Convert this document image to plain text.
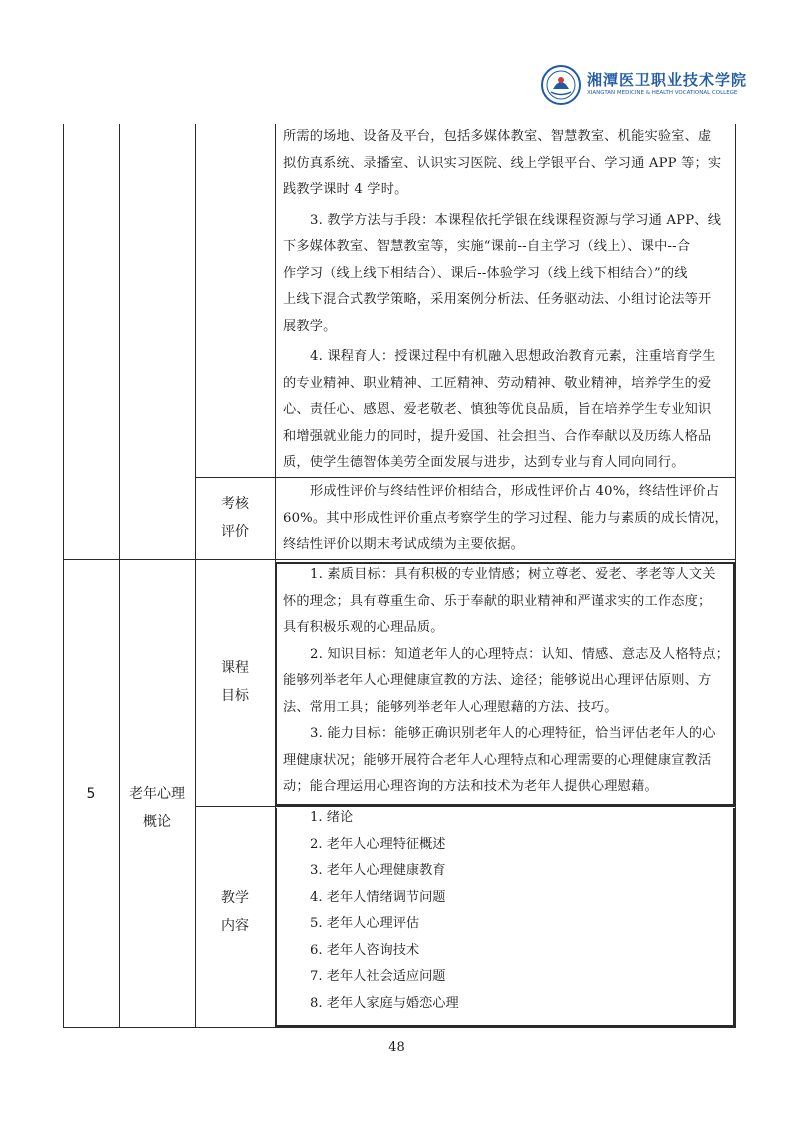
湘潭医卫职业技术学院
XIANGTAN MEDICINE & HEALTH VOCATIONAL COLLEGE

所需的场地、设备及平台，包括多媒体教室、智慧教室、机能实验室、虚

拟仿真系统、录播室、认识实习医院、线上学银平台、学习通 APP 等；实

践教学课时 4 学时。

3. 教学方法与手段：本课程依托学银在线课程资源与学习通 APP、线

下多媒体教室、智慧教室等，实施“课前--自主学习（线上）、课中--合

作学习（线上线下相结合）、课后--体验学习（线上线下相结合）”的线

上线下混合式教学策略，采用案例分析法、任务驱动法、小组讨论法等开

展教学。

4. 课程育人：授课过程中有机融入思想政治教育元素，注重培育学生

的专业精神、职业精神、工匠精神、劳动精神、敬业精神，培养学生的爱

心、责任心、感恩、爱老敬老、慎独等优良品质，旨在培养学生专业知识

和增强就业能力的同时，提升爱国、社会担当、合作奉献以及历练人格品

质，使学生德智体美劳全面发展与进步，达到专业与育人同向同行。

考核
评价

形成性评价与终结性评价相结合，形成性评价占 40%，终结性评价占

60%。其中形成性评价重点考察学生的学习过程、能力与素质的成长情况，

终结性评价以期末考试成绩为主要依据。

5	老年心理
概论
课程
目标

1. 素质目标：具有积极的专业情感；树立尊老、爱老、孝老等人文关

怀的理念；具有尊重生命、乐于奉献的职业精神和严谨求实的工作态度；

具有积极乐观的心理品质。

2. 知识目标：知道老年人的心理特点：认知、情感、意志及人格特点；

能够列举老年人心理健康宣教的方法、途径；能够说出心理评估原则、方

法、常用工具；能够列举老年人心理慰藉的方法、技巧。

3. 能力目标：能够正确识别老年人的心理特征，恰当评估老年人的心

理健康状况；能够开展符合老年人心理特点和心理需要的心理健康宣教活

动；能合理运用心理咨询的方法和技术为老年人提供心理慰藉。

教学
内容

1. 绪论

2. 老年人心理特征概述

3. 老年人心理健康教育

4. 老年人情绪调节问题

5. 老年人心理评估

6. 老年人咨询技术

7. 老年人社会适应问题

8. 老年人家庭与婚恋心理

48
